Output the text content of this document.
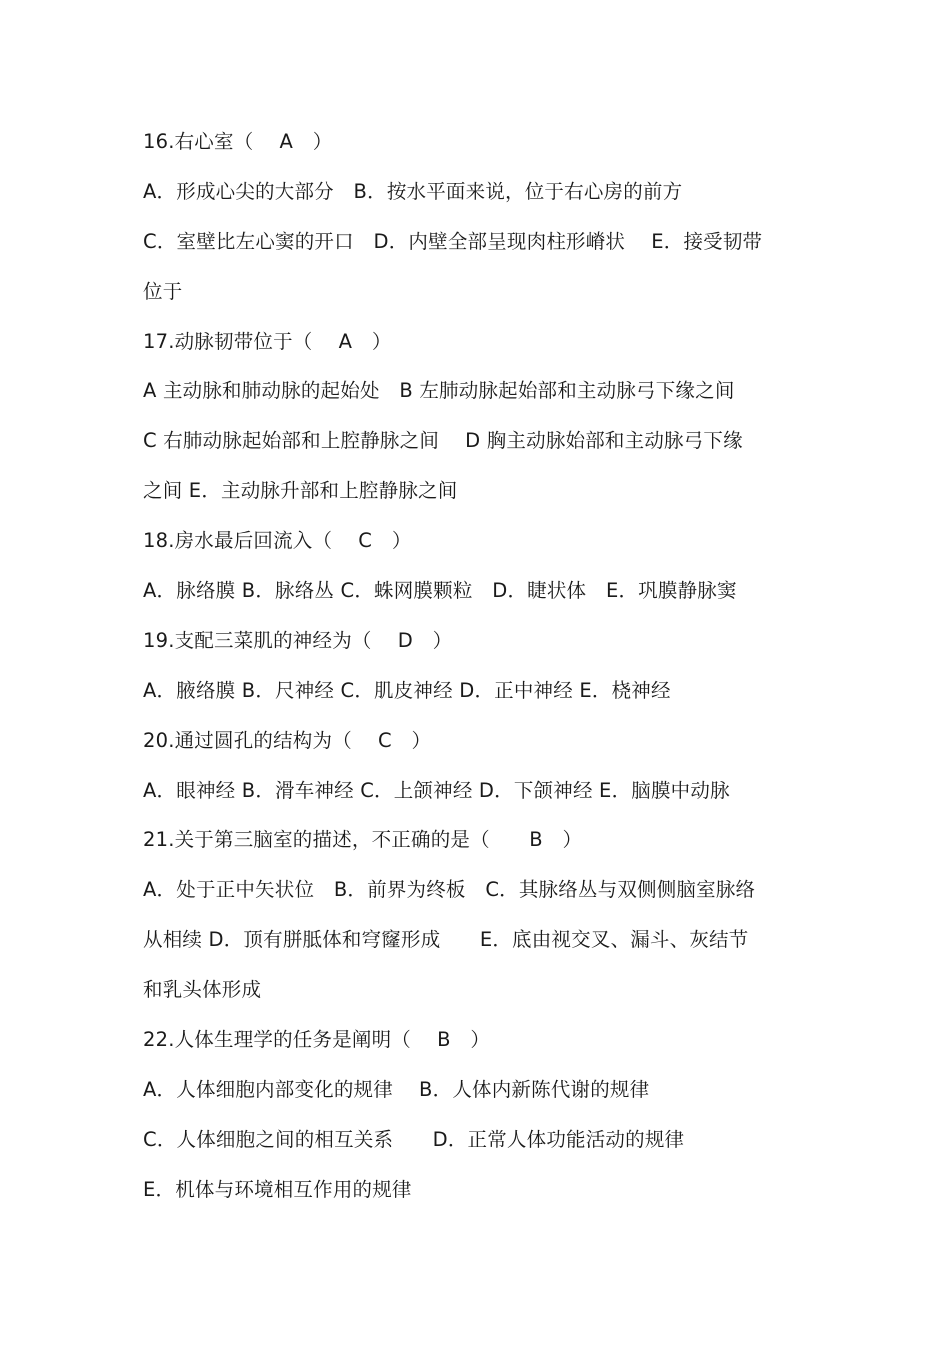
16.右心室（　 A　）
A．形成心尖的大部分　B．按水平面来说，位于右心房的前方
C．室壁比左心窦的开口　D．内壁全部呈现肉柱形嵴状　 E．接受韧带
位于
17.动脉韧带位于（　 A　）
A 主动脉和肺动脉的起始处　B 左肺动脉起始部和主动脉弓下缘之间
C 右肺动脉起始部和上腔静脉之间　 D 胸主动脉始部和主动脉弓下缘
之间 E．主动脉升部和上腔静脉之间
18.房水最后回流入（　 C　）
A．脉络膜 B．脉络丛 C．蛛网膜颗粒　D．睫状体　E．巩膜静脉窦
19.支配三菜肌的神经为（　 D　）
A．腋络膜 B．尺神经 C．肌皮神经 D．正中神经 E．桡神经
20.通过圆孔的结构为（　 C　）
A．眼神经 B．滑车神经 C．上颌神经 D．下颌神经 E．脑膜中动脉
21.关于第三脑室的描述，不正确的是（　　B　）
A．处于正中矢状位　B．前界为终板　C．其脉络丛与双侧侧脑室脉络
从相续 D．顶有胼胝体和穹窿形成　　E．底由视交叉、漏斗、灰结节
和乳头体形成
22.人体生理学的任务是阐明（　 B　）
A．人体细胞内部变化的规律　 B．人体内新陈代谢的规律
C．人体细胞之间的相互关系　　D．正常人体功能活动的规律
E．机体与环境相互作用的规律
